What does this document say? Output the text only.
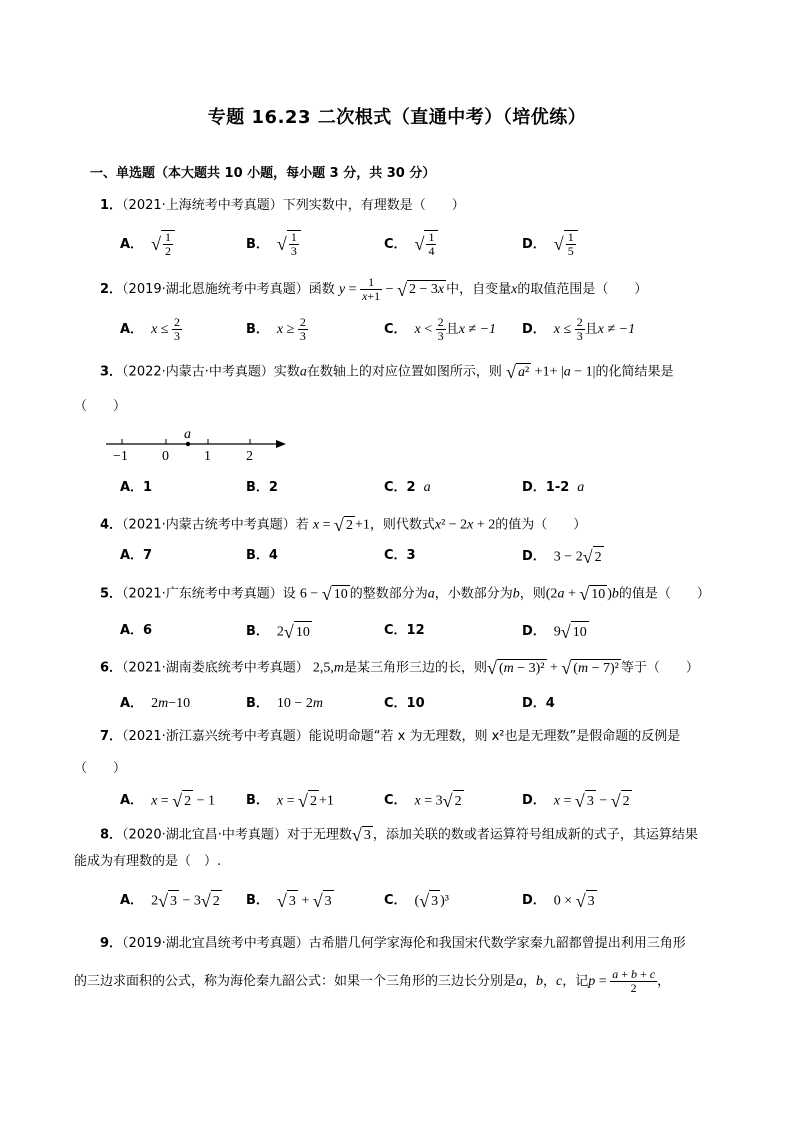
专题 16.23 二次根式（直通中考）（培优练）
一、单选题（本大题共 10 小题，每小题 3 分，共 30 分）
1．（2021·上海统考中考真题）下列实数中，有理数是（　　）
A． √ $\frac{1}{2}$	B． √ $\frac{1}{3}$	C． √ $\frac{1}{4}$	D． √ $\frac{1}{5}$
2．（2019·湖北恩施统考中考真题）函数 $y = \frac{1}{x+1}$ − √ 2 − 3x 中，自变量x的取值范围是（　　）
A． $x \le \frac{2}{3}$	B． $x \ge \frac{2}{3}$	C． $x < \frac{2}{3}$ 且x ≠ −1 D． $x \le \frac{2}{3}$ 且x ≠ −1
3．（2022·内蒙古·中考真题）实数a在数轴上的对应位置如图所示，则 √ a² +1+ |a − 1|的化简结果是
（　　）
a
−1 0	1	2
A．1	B．2	C．2 a	D．1-2 a
4．（2021·内蒙古统考中考真题）若 x = √ 2 +1，则代数式x² − 2x + 2的值为（　　）
A．7	B．4	C．3	D． 3 − 2√ 2
5．（2021·广东统考中考真题）设 6 − √ 10 的整数部分为a，小数部分为b，则(2a + √ 10 )b的值是（　　）
A．6	B． 2√ 10	C．12	D． 9√ 10
6．（2021·湖南娄底统考中考真题） 2,5,m是某三角形三边的长，则√ (m − 3)² + √ (m − 7)² 等于（　　）
A． 2m−10	B． 10 − 2m	C．10	D．4
7．（2021·浙江嘉兴统考中考真题）能说明命题“若 x 为无理数，则 x²也是无理数”是假命题的反例是
（　　）
A． x = √ 2 − 1 B． x = √ 2 +1	C． x = 3√ 2	D． x = √ 3 − √ 2
8．（2020·湖北宜昌·中考真题）对于无理数√ 3 ，添加关联的数或者运算符号组成新的式子，其运算结果
能成为有理数的是（　）.
A． 2√ 3 − 3√ 2 B． √ 3 + √ 3	C． (√ 3 )³	D． 0 × √ 3
9．（2019·湖北宜昌统考中考真题）古希腊几何学家海伦和我国宋代数学家秦九韶都曾提出利用三角形
的三边求面积的公式，称为海伦秦九韶公式：如果一个三角形的三边长分别是a，b，c，记$p = \frac{a + b + c}{2}$ ，
